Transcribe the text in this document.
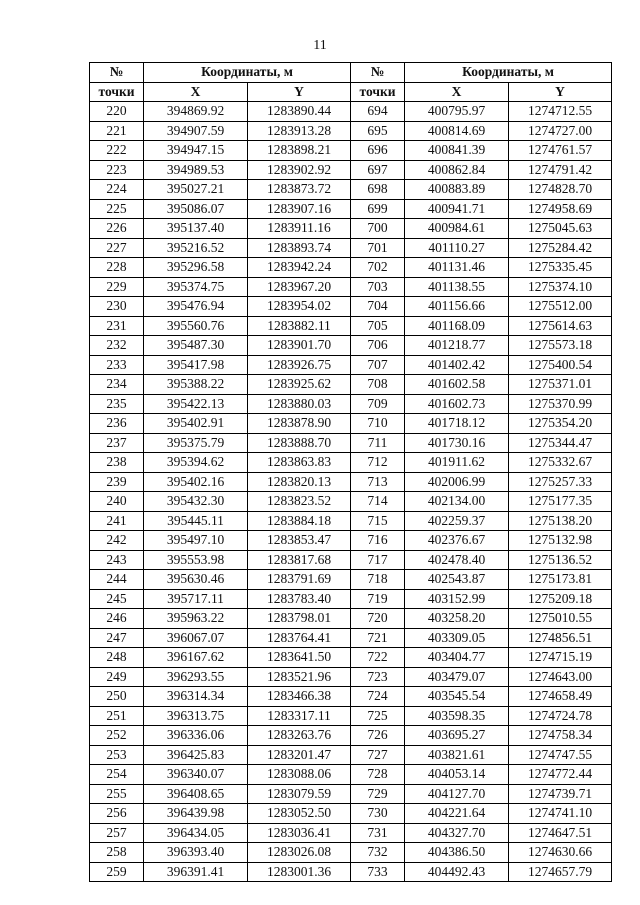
11
№	Координаты, м		№	Координаты, м	
точки	X	Y	точки	X	Y
220	394869.92	1283890.44	694	400795.97	1274712.55
221	394907.59	1283913.28	695	400814.69	1274727.00
222	394947.15	1283898.21	696	400841.39	1274761.57
223	394989.53	1283902.92	697	400862.84	1274791.42
224	395027.21	1283873.72	698	400883.89	1274828.70
225	395086.07	1283907.16	699	400941.71	1274958.69
226	395137.40	1283911.16	700	400984.61	1275045.63
227	395216.52	1283893.74	701	401110.27	1275284.42
228	395296.58	1283942.24	702	401131.46	1275335.45
229	395374.75	1283967.20	703	401138.55	1275374.10
230	395476.94	1283954.02	704	401156.66	1275512.00
231	395560.76	1283882.11	705	401168.09	1275614.63
232	395487.30	1283901.70	706	401218.77	1275573.18
233	395417.98	1283926.75	707	401402.42	1275400.54
234	395388.22	1283925.62	708	401602.58	1275371.01
235	395422.13	1283880.03	709	401602.73	1275370.99
236	395402.91	1283878.90	710	401718.12	1275354.20
237	395375.79	1283888.70	711	401730.16	1275344.47
238	395394.62	1283863.83	712	401911.62	1275332.67
239	395402.16	1283820.13	713	402006.99	1275257.33
240	395432.30	1283823.52	714	402134.00	1275177.35
241	395445.11	1283884.18	715	402259.37	1275138.20
242	395497.10	1283853.47	716	402376.67	1275132.98
243	395553.98	1283817.68	717	402478.40	1275136.52
244	395630.46	1283791.69	718	402543.87	1275173.81
245	395717.11	1283783.40	719	403152.99	1275209.18
246	395963.22	1283798.01	720	403258.20	1275010.55
247	396067.07	1283764.41	721	403309.05	1274856.51
248	396167.62	1283641.50	722	403404.77	1274715.19
249	396293.55	1283521.96	723	403479.07	1274643.00
250	396314.34	1283466.38	724	403545.54	1274658.49
251	396313.75	1283317.11	725	403598.35	1274724.78
252	396336.06	1283263.76	726	403695.27	1274758.34
253	396425.83	1283201.47	727	403821.61	1274747.55
254	396340.07	1283088.06	728	404053.14	1274772.44
255	396408.65	1283079.59	729	404127.70	1274739.71
256	396439.98	1283052.50	730	404221.64	1274741.10
257	396434.05	1283036.41	731	404327.70	1274647.51
258	396393.40	1283026.08	732	404386.50	1274630.66
259	396391.41	1283001.36	733	404492.43	1274657.79
